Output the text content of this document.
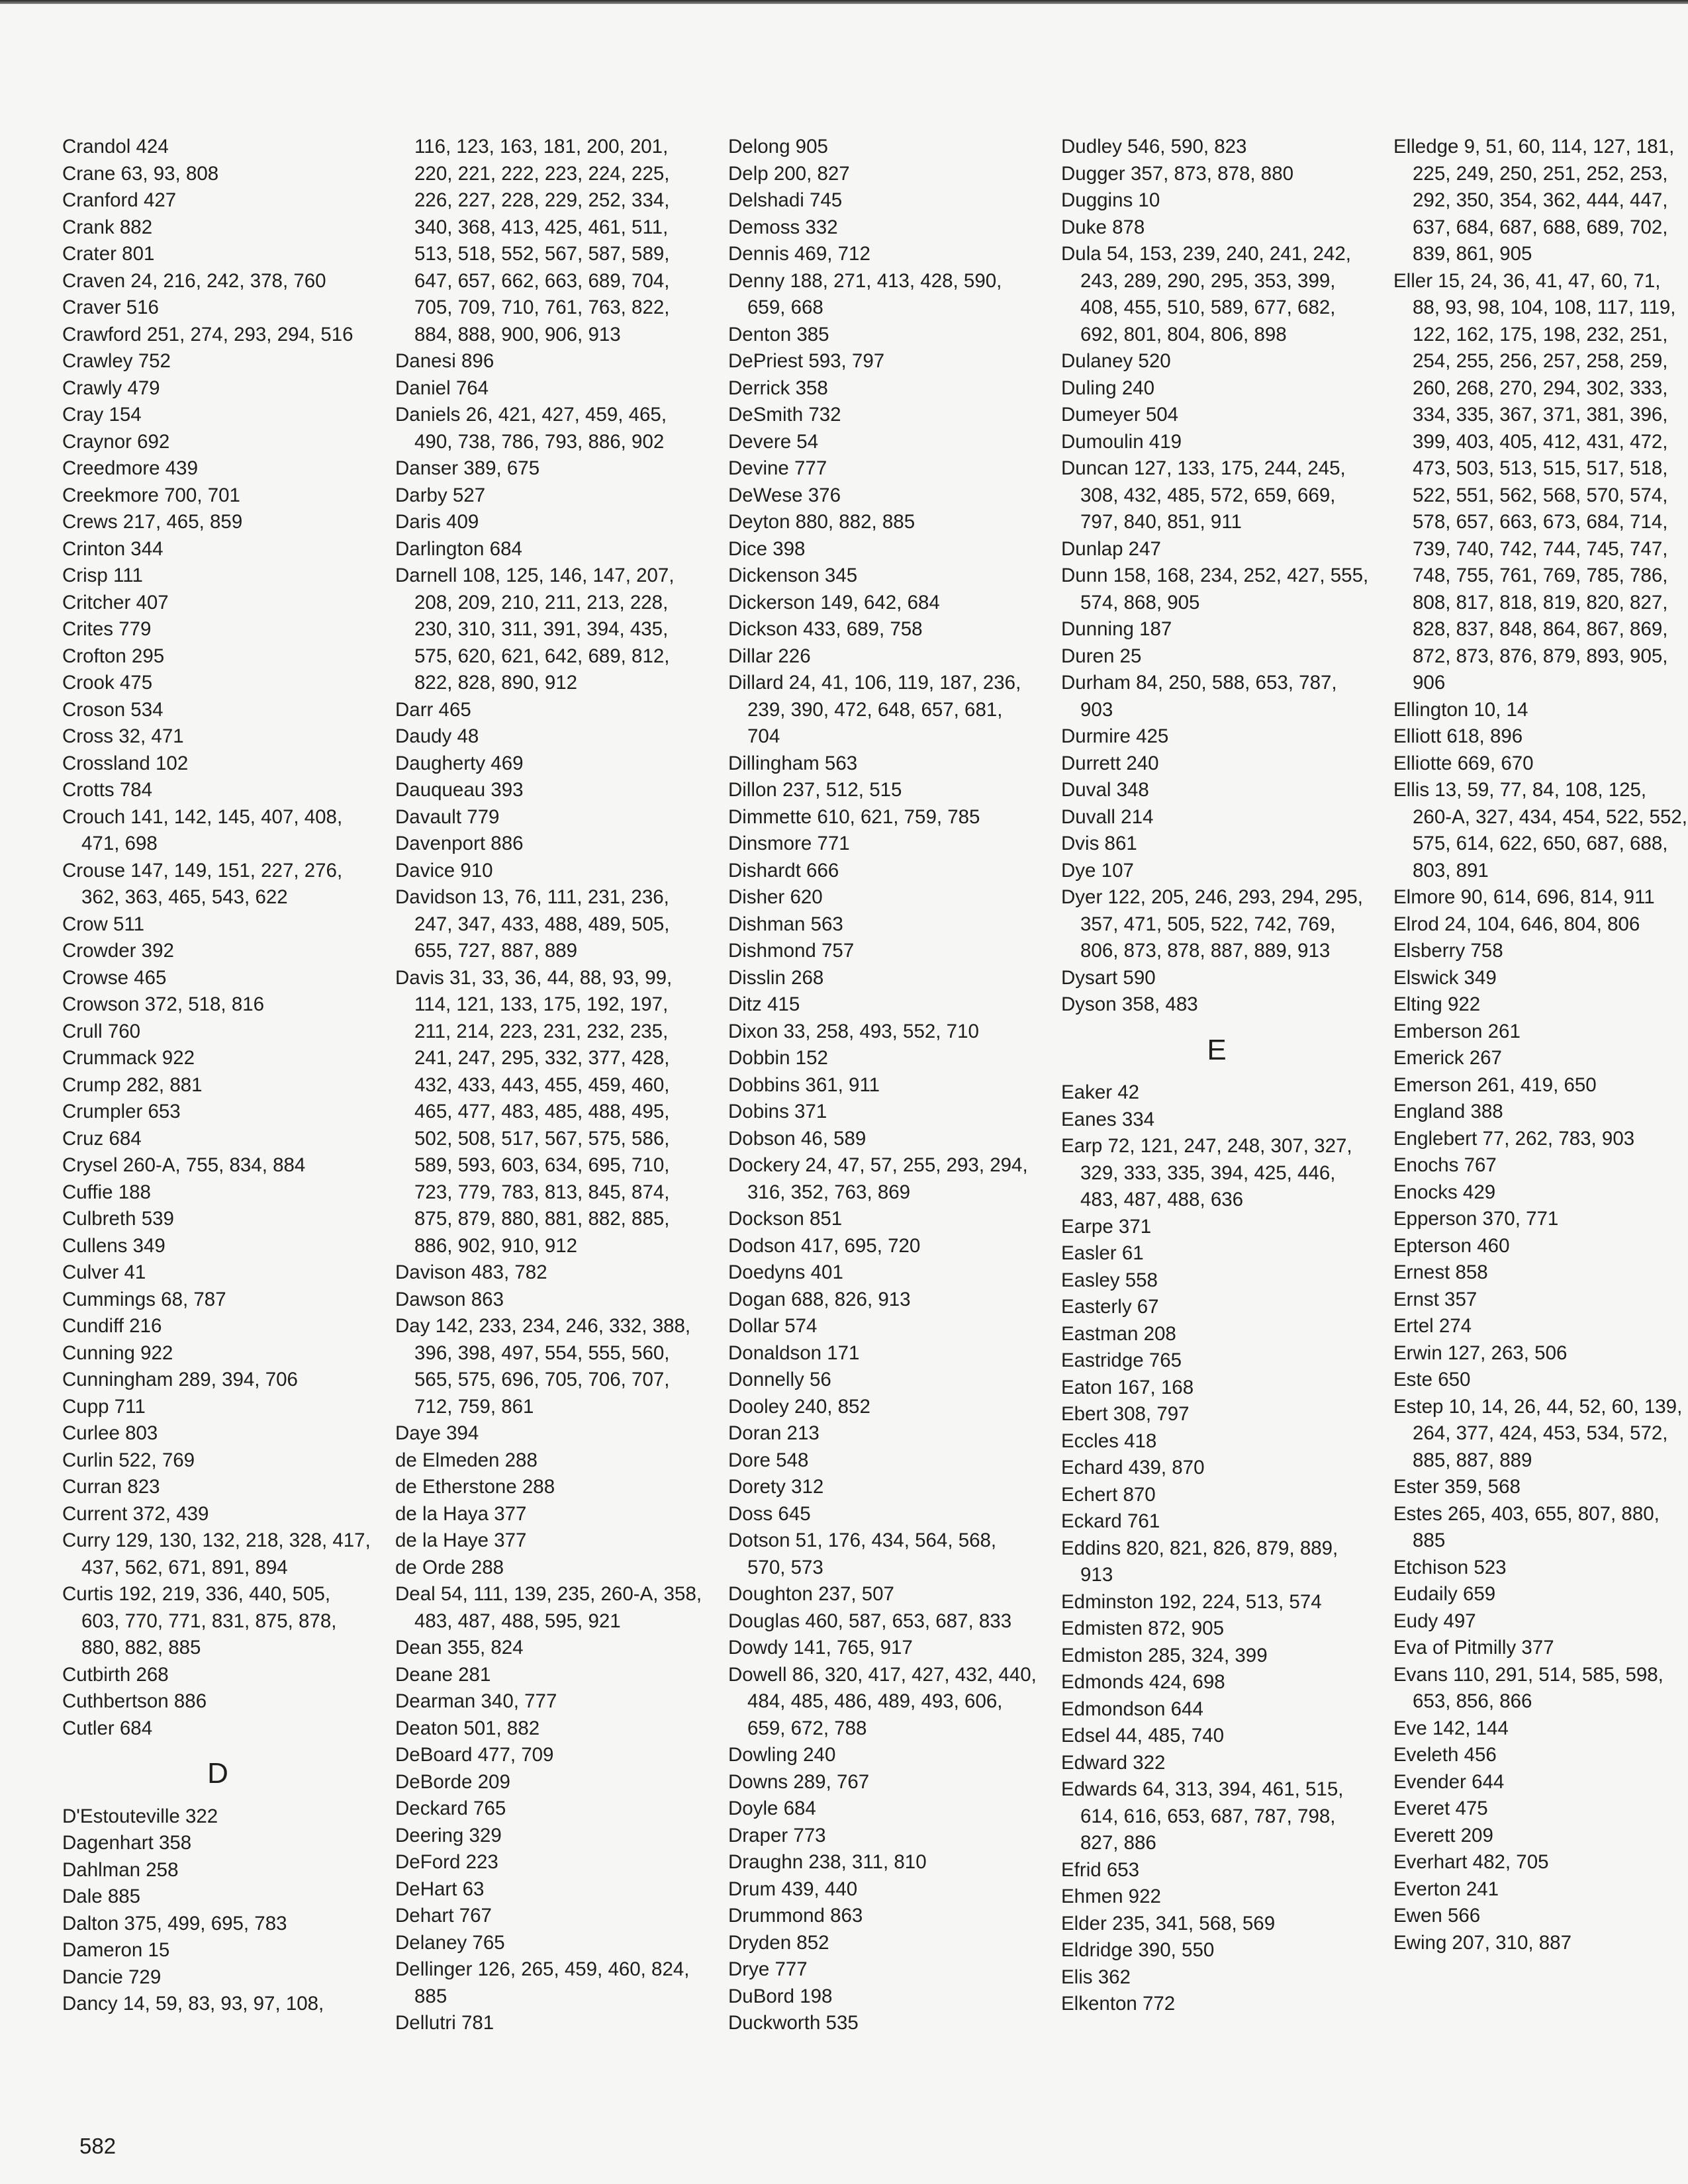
Crandol 424
Crane 63, 93, 808
Cranford 427
Crank 882
Crater 801
Craven 24, 216, 242, 378, 760
Craver 516
Crawford 251, 274, 293, 294, 516
Crawley 752
Crawly 479
Cray 154
Craynor 692
Creedmore 439
Creekmore 700, 701
Crews 217, 465, 859
Crinton 344
Crisp 111
Critcher 407
Crites 779
Crofton 295
Crook 475
Croson 534
Cross 32, 471
Crossland 102
Crotts 784
Crouch 141, 142, 145, 407, 408, 471, 698
Crouse 147, 149, 151, 227, 276, 362, 363, 465, 543, 622
Crow 511
Crowder 392
Crowse 465
Crowson 372, 518, 816
Crull 760
Crummack 922
Crump 282, 881
Crumpler 653
Cruz 684
Crysel 260-A, 755, 834, 884
Cuffie 188
Culbreth 539
Cullens 349
Culver 41
Cummings 68, 787
Cundiff 216
Cunning 922
Cunningham 289, 394, 706
Cupp 711
Curlee 803
Curlin 522, 769
Curran 823
Current 372, 439
Curry 129, 130, 132, 218, 328, 417, 437, 562, 671, 891, 894
Curtis 192, 219, 336, 440, 505, 603, 770, 771, 831, 875, 878, 880, 882, 885
Cutbirth 268
Cuthbertson 886
Cutler 684
D
D'Estouteville 322
Dagenhart 358
Dahlman 258
Dale 885
Dalton 375, 499, 695, 783
Dameron 15
Dancie 729
Dancy 14, 59, 83, 93, 97, 108,
116, 123, 163, 181, 200, 201, 220, 221, 222, 223, 224, 225, 226, 227, 228, 229, 252, 334, 340, 368, 413, 425, 461, 511, 513, 518, 552, 567, 587, 589, 647, 657, 662, 663, 689, 704, 705, 709, 710, 761, 763, 822, 884, 888, 900, 906, 913
Danesi 896
Daniel 764
Daniels 26, 421, 427, 459, 465, 490, 738, 786, 793, 886, 902
Danser 389, 675
Darby 527
Daris 409
Darlington 684
Darnell 108, 125, 146, 147, 207, 208, 209, 210, 211, 213, 228, 230, 310, 311, 391, 394, 435, 575, 620, 621, 642, 689, 812, 822, 828, 890, 912
Darr 465
Daudy 48
Daugherty 469
Dauqueau 393
Davault 779
Davenport 886
Davice 910
Davidson 13, 76, 111, 231, 236, 247, 347, 433, 488, 489, 505, 655, 727, 887, 889
Davis 31, 33, 36, 44, 88, 93, 99, 114, 121, 133, 175, 192, 197, 211, 214, 223, 231, 232, 235, 241, 247, 295, 332, 377, 428, 432, 433, 443, 455, 459, 460, 465, 477, 483, 485, 488, 495, 502, 508, 517, 567, 575, 586, 589, 593, 603, 634, 695, 710, 723, 779, 783, 813, 845, 874, 875, 879, 880, 881, 882, 885, 886, 902, 910, 912
Davison 483, 782
Dawson 863
Day 142, 233, 234, 246, 332, 388, 396, 398, 497, 554, 555, 560, 565, 575, 696, 705, 706, 707, 712, 759, 861
Daye 394
de Elmeden 288
de Etherstone 288
de la Haya 377
de la Haye 377
de Orde 288
Deal 54, 111, 139, 235, 260-A, 358, 483, 487, 488, 595, 921
Dean 355, 824
Deane 281
Dearman 340, 777
Deaton 501, 882
DeBoard 477, 709
DeBorde 209
Deckard 765
Deering 329
DeFord 223
DeHart 63
Dehart 767
Delaney 765
Dellinger 126, 265, 459, 460, 824, 885
Dellutri 781
Delong 905
Delp 200, 827
Delshadi 745
Demoss 332
Dennis 469, 712
Denny 188, 271, 413, 428, 590, 659, 668
Denton 385
DePriest 593, 797
Derrick 358
DeSmith 732
Devere 54
Devine 777
DeWese 376
Deyton 880, 882, 885
Dice 398
Dickenson 345
Dickerson 149, 642, 684
Dickson 433, 689, 758
Dillar 226
Dillard 24, 41, 106, 119, 187, 236, 239, 390, 472, 648, 657, 681, 704
Dillingham 563
Dillon 237, 512, 515
Dimmette 610, 621, 759, 785
Dinsmore 771
Dishardt 666
Disher 620
Dishman 563
Dishmond 757
Disslin 268
Ditz 415
Dixon 33, 258, 493, 552, 710
Dobbin 152
Dobbins 361, 911
Dobins 371
Dobson 46, 589
Dockery 24, 47, 57, 255, 293, 294, 316, 352, 763, 869
Dockson 851
Dodson 417, 695, 720
Doedyns 401
Dogan 688, 826, 913
Dollar 574
Donaldson 171
Donnelly 56
Dooley 240, 852
Doran 213
Dore 548
Dorety 312
Doss 645
Dotson 51, 176, 434, 564, 568, 570, 573
Doughton 237, 507
Douglas 460, 587, 653, 687, 833
Dowdy 141, 765, 917
Dowell 86, 320, 417, 427, 432, 440, 484, 485, 486, 489, 493, 606, 659, 672, 788
Dowling 240
Downs 289, 767
Doyle 684
Draper 773
Draughn 238, 311, 810
Drum 439, 440
Drummond 863
Dryden 852
Drye 777
DuBord 198
Duckworth 535
Dudley 546, 590, 823
Dugger 357, 873, 878, 880
Duggins 10
Duke 878
Dula 54, 153, 239, 240, 241, 242, 243, 289, 290, 295, 353, 399, 408, 455, 510, 589, 677, 682, 692, 801, 804, 806, 898
Dulaney 520
Duling 240
Dumeyer 504
Dumoulin 419
Duncan 127, 133, 175, 244, 245, 308, 432, 485, 572, 659, 669, 797, 840, 851, 911
Dunlap 247
Dunn 158, 168, 234, 252, 427, 555, 574, 868, 905
Dunning 187
Duren 25
Durham 84, 250, 588, 653, 787, 903
Durmire 425
Durrett 240
Duval 348
Duvall 214
Dvis 861
Dye 107
Dyer 122, 205, 246, 293, 294, 295, 357, 471, 505, 522, 742, 769, 806, 873, 878, 887, 889, 913
Dysart 590
Dyson 358, 483
E
Eaker 42
Eanes 334
Earp 72, 121, 247, 248, 307, 327, 329, 333, 335, 394, 425, 446, 483, 487, 488, 636
Earpe 371
Easler 61
Easley 558
Easterly 67
Eastman 208
Eastridge 765
Eaton 167, 168
Ebert 308, 797
Eccles 418
Echard 439, 870
Echert 870
Eckard 761
Eddins 820, 821, 826, 879, 889, 913
Edminston 192, 224, 513, 574
Edmisten 872, 905
Edmiston 285, 324, 399
Edmonds 424, 698
Edmondson 644
Edsel 44, 485, 740
Edward 322
Edwards 64, 313, 394, 461, 515, 614, 616, 653, 687, 787, 798, 827, 886
Efrid 653
Ehmen 922
Elder 235, 341, 568, 569
Eldridge 390, 550
Elis 362
Elkenton 772
Elledge 9, 51, 60, 114, 127, 181, 225, 249, 250, 251, 252, 253, 292, 350, 354, 362, 444, 447, 637, 684, 687, 688, 689, 702, 839, 861, 905
Eller 15, 24, 36, 41, 47, 60, 71, 88, 93, 98, 104, 108, 117, 119, 122, 162, 175, 198, 232, 251, 254, 255, 256, 257, 258, 259, 260, 268, 270, 294, 302, 333, 334, 335, 367, 371, 381, 396, 399, 403, 405, 412, 431, 472, 473, 503, 513, 515, 517, 518, 522, 551, 562, 568, 570, 574, 578, 657, 663, 673, 684, 714, 739, 740, 742, 744, 745, 747, 748, 755, 761, 769, 785, 786, 808, 817, 818, 819, 820, 827, 828, 837, 848, 864, 867, 869, 872, 873, 876, 879, 893, 905, 906
Ellington 10, 14
Elliott 618, 896
Elliotte 669, 670
Ellis 13, 59, 77, 84, 108, 125, 260-A, 327, 434, 454, 522, 552, 575, 614, 622, 650, 687, 688, 803, 891
Elmore 90, 614, 696, 814, 911
Elrod 24, 104, 646, 804, 806
Elsberry 758
Elswick 349
Elting 922
Emberson 261
Emerick 267
Emerson 261, 419, 650
England 388
Englebert 77, 262, 783, 903
Enochs 767
Enocks 429
Epperson 370, 771
Epterson 460
Ernest 858
Ernst 357
Ertel 274
Erwin 127, 263, 506
Este 650
Estep 10, 14, 26, 44, 52, 60, 139, 264, 377, 424, 453, 534, 572, 885, 887, 889
Ester 359, 568
Estes 265, 403, 655, 807, 880, 885
Etchison 523
Eudaily 659
Eudy 497
Eva of Pitmilly 377
Evans 110, 291, 514, 585, 598, 653, 856, 866
Eve 142, 144
Eveleth 456
Evender 644
Everet 475
Everett 209
Everhart 482, 705
Everton 241
Ewen 566
Ewing 207, 310, 887
582
